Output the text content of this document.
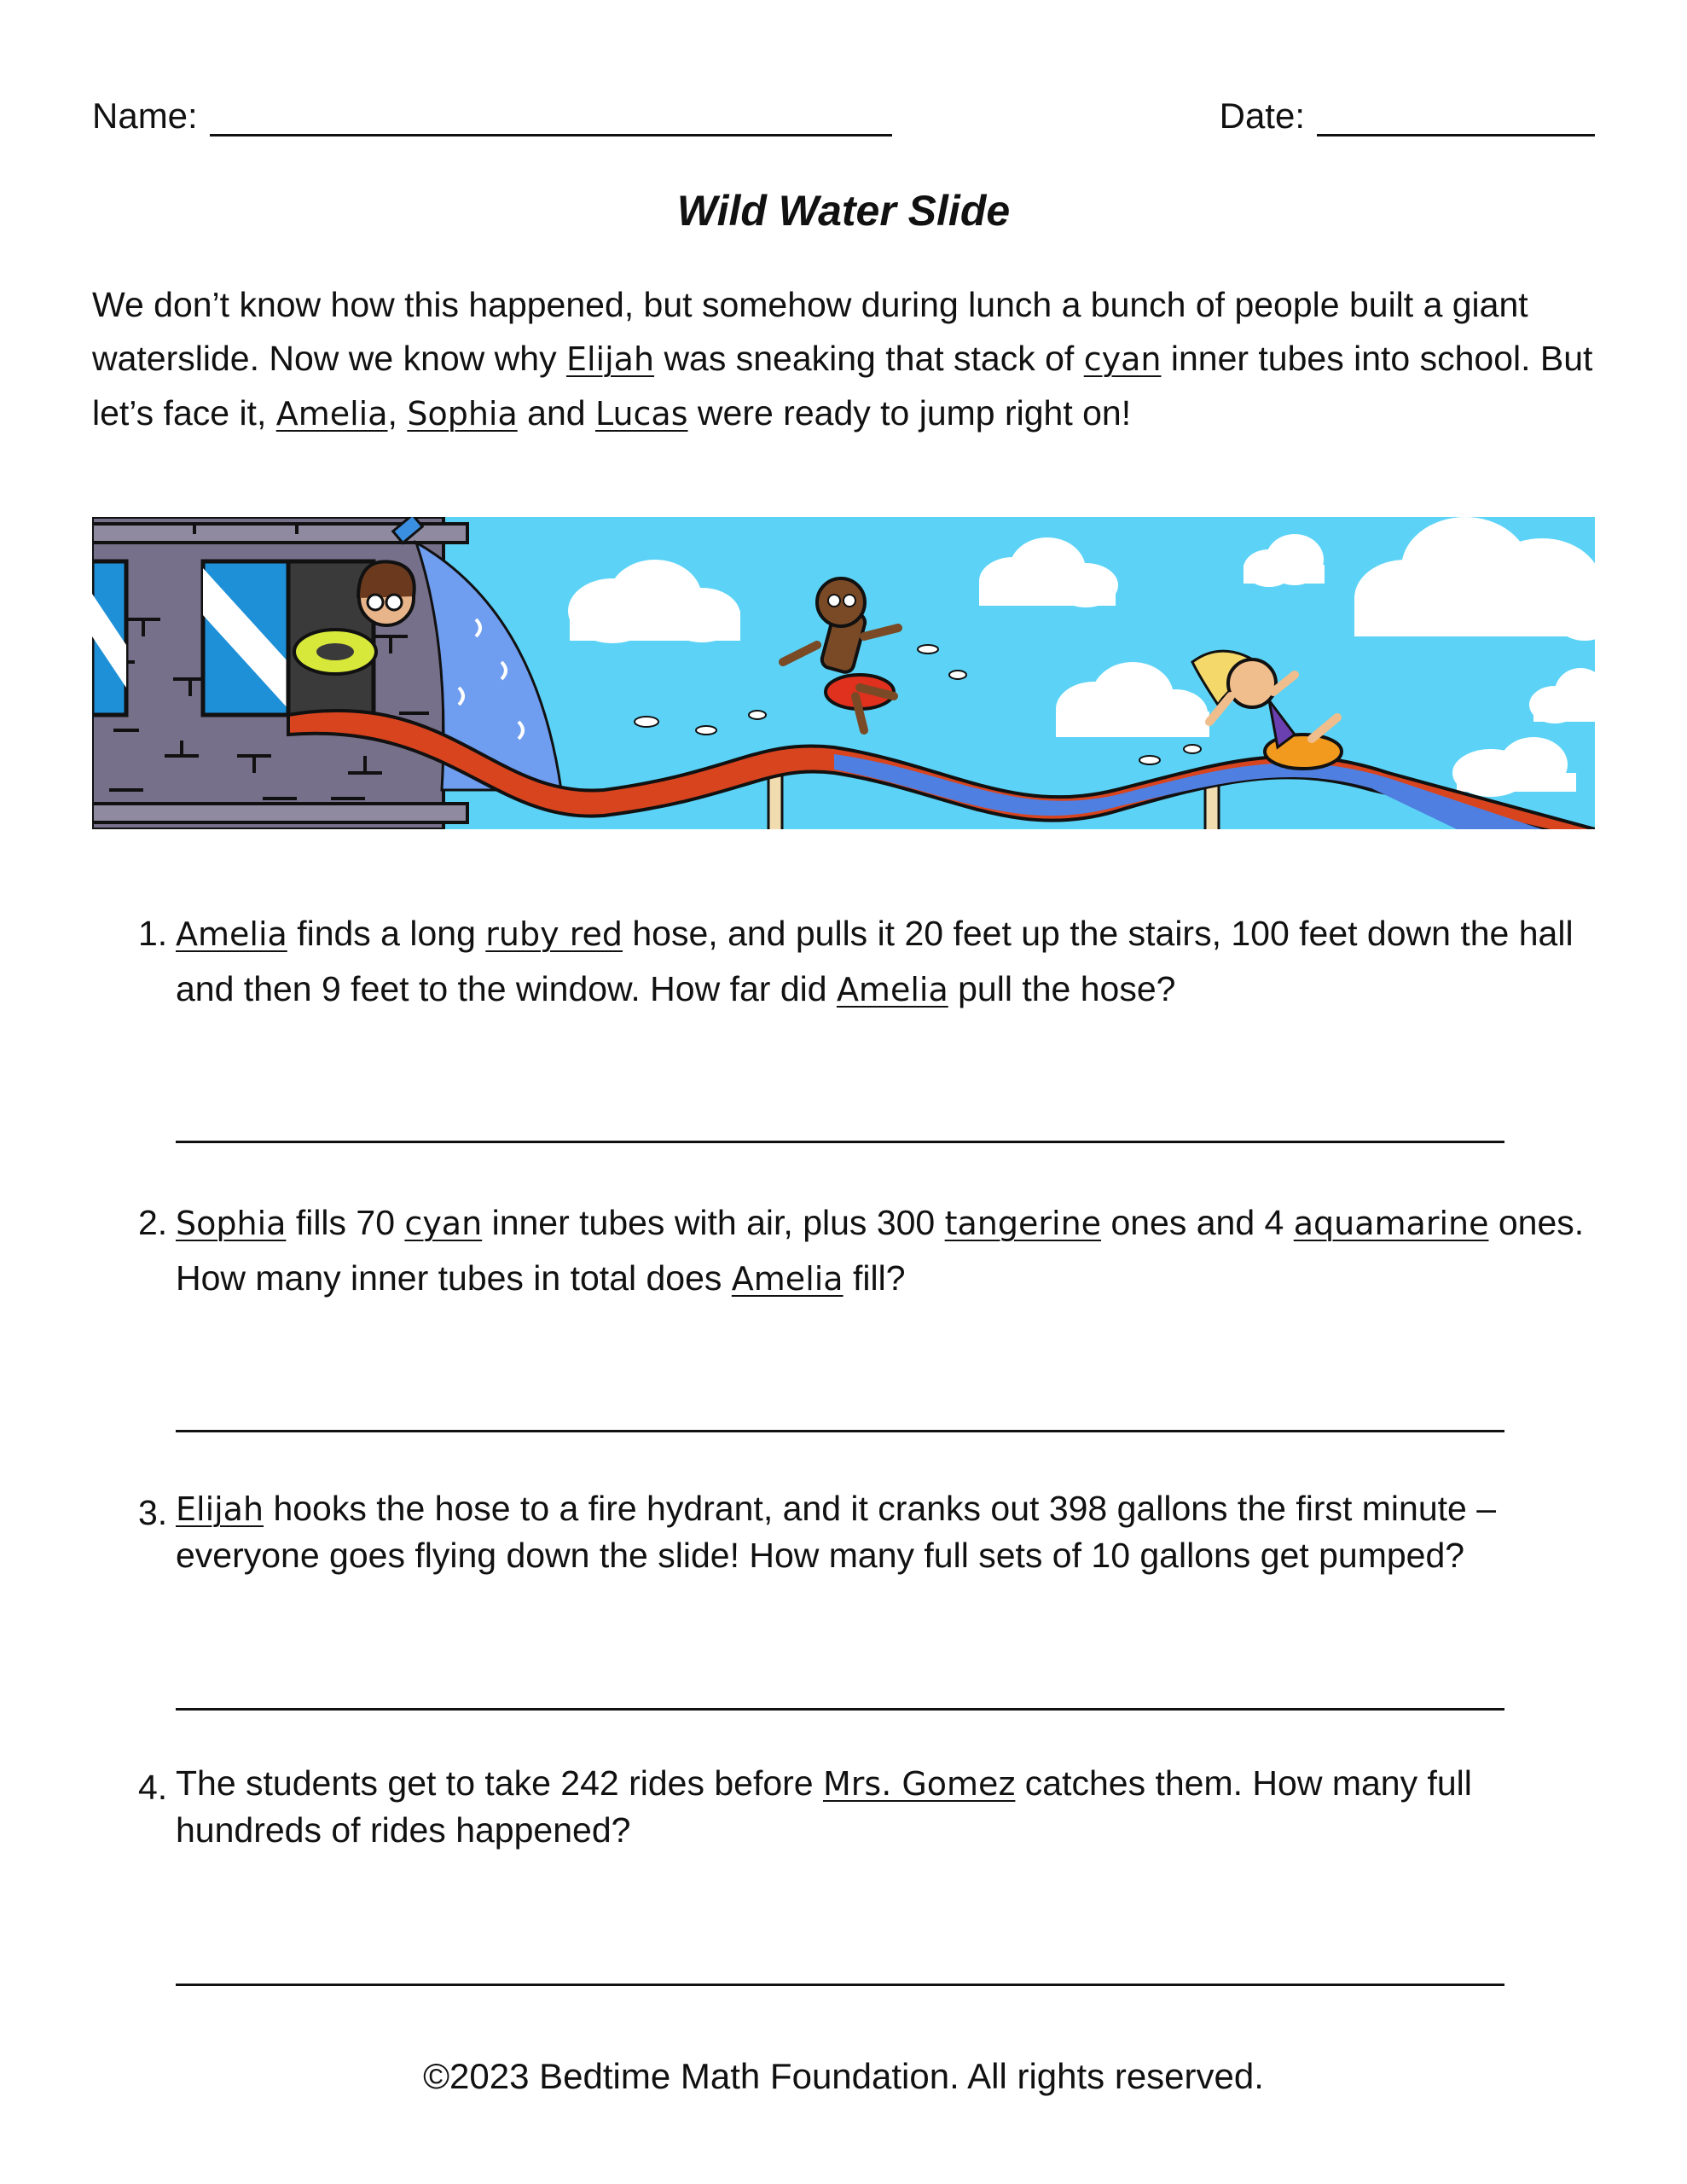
Name:	Date:
Wild Water Slide
We don’t know how this happened, but somehow during lunch a bunch of people built a giant waterslide. Now we know why Elijah was sneaking that stack of cyan inner tubes into school. But let’s face it, Amelia, Sophia and Lucas were ready to jump right on!
1. Amelia finds a long ruby red hose, and pulls it 20 feet up the stairs, 100 feet down the hall and then 9 feet to the window. How far did Amelia pull the hose?
2. Sophia fills 70 cyan inner tubes with air, plus 300 tangerine ones and 4 aquamarine ones. How many inner tubes in total does Amelia fill?
3. Elijah hooks the hose to a fire hydrant, and it cranks out 398 gallons the first minute – everyone goes flying down the slide! How many full sets of 10 gallons get pumped?
4. The students get to take 242 rides before Mrs. Gomez catches them. How many full hundreds of rides happened?
©2023 Bedtime Math Foundation. All rights reserved.
